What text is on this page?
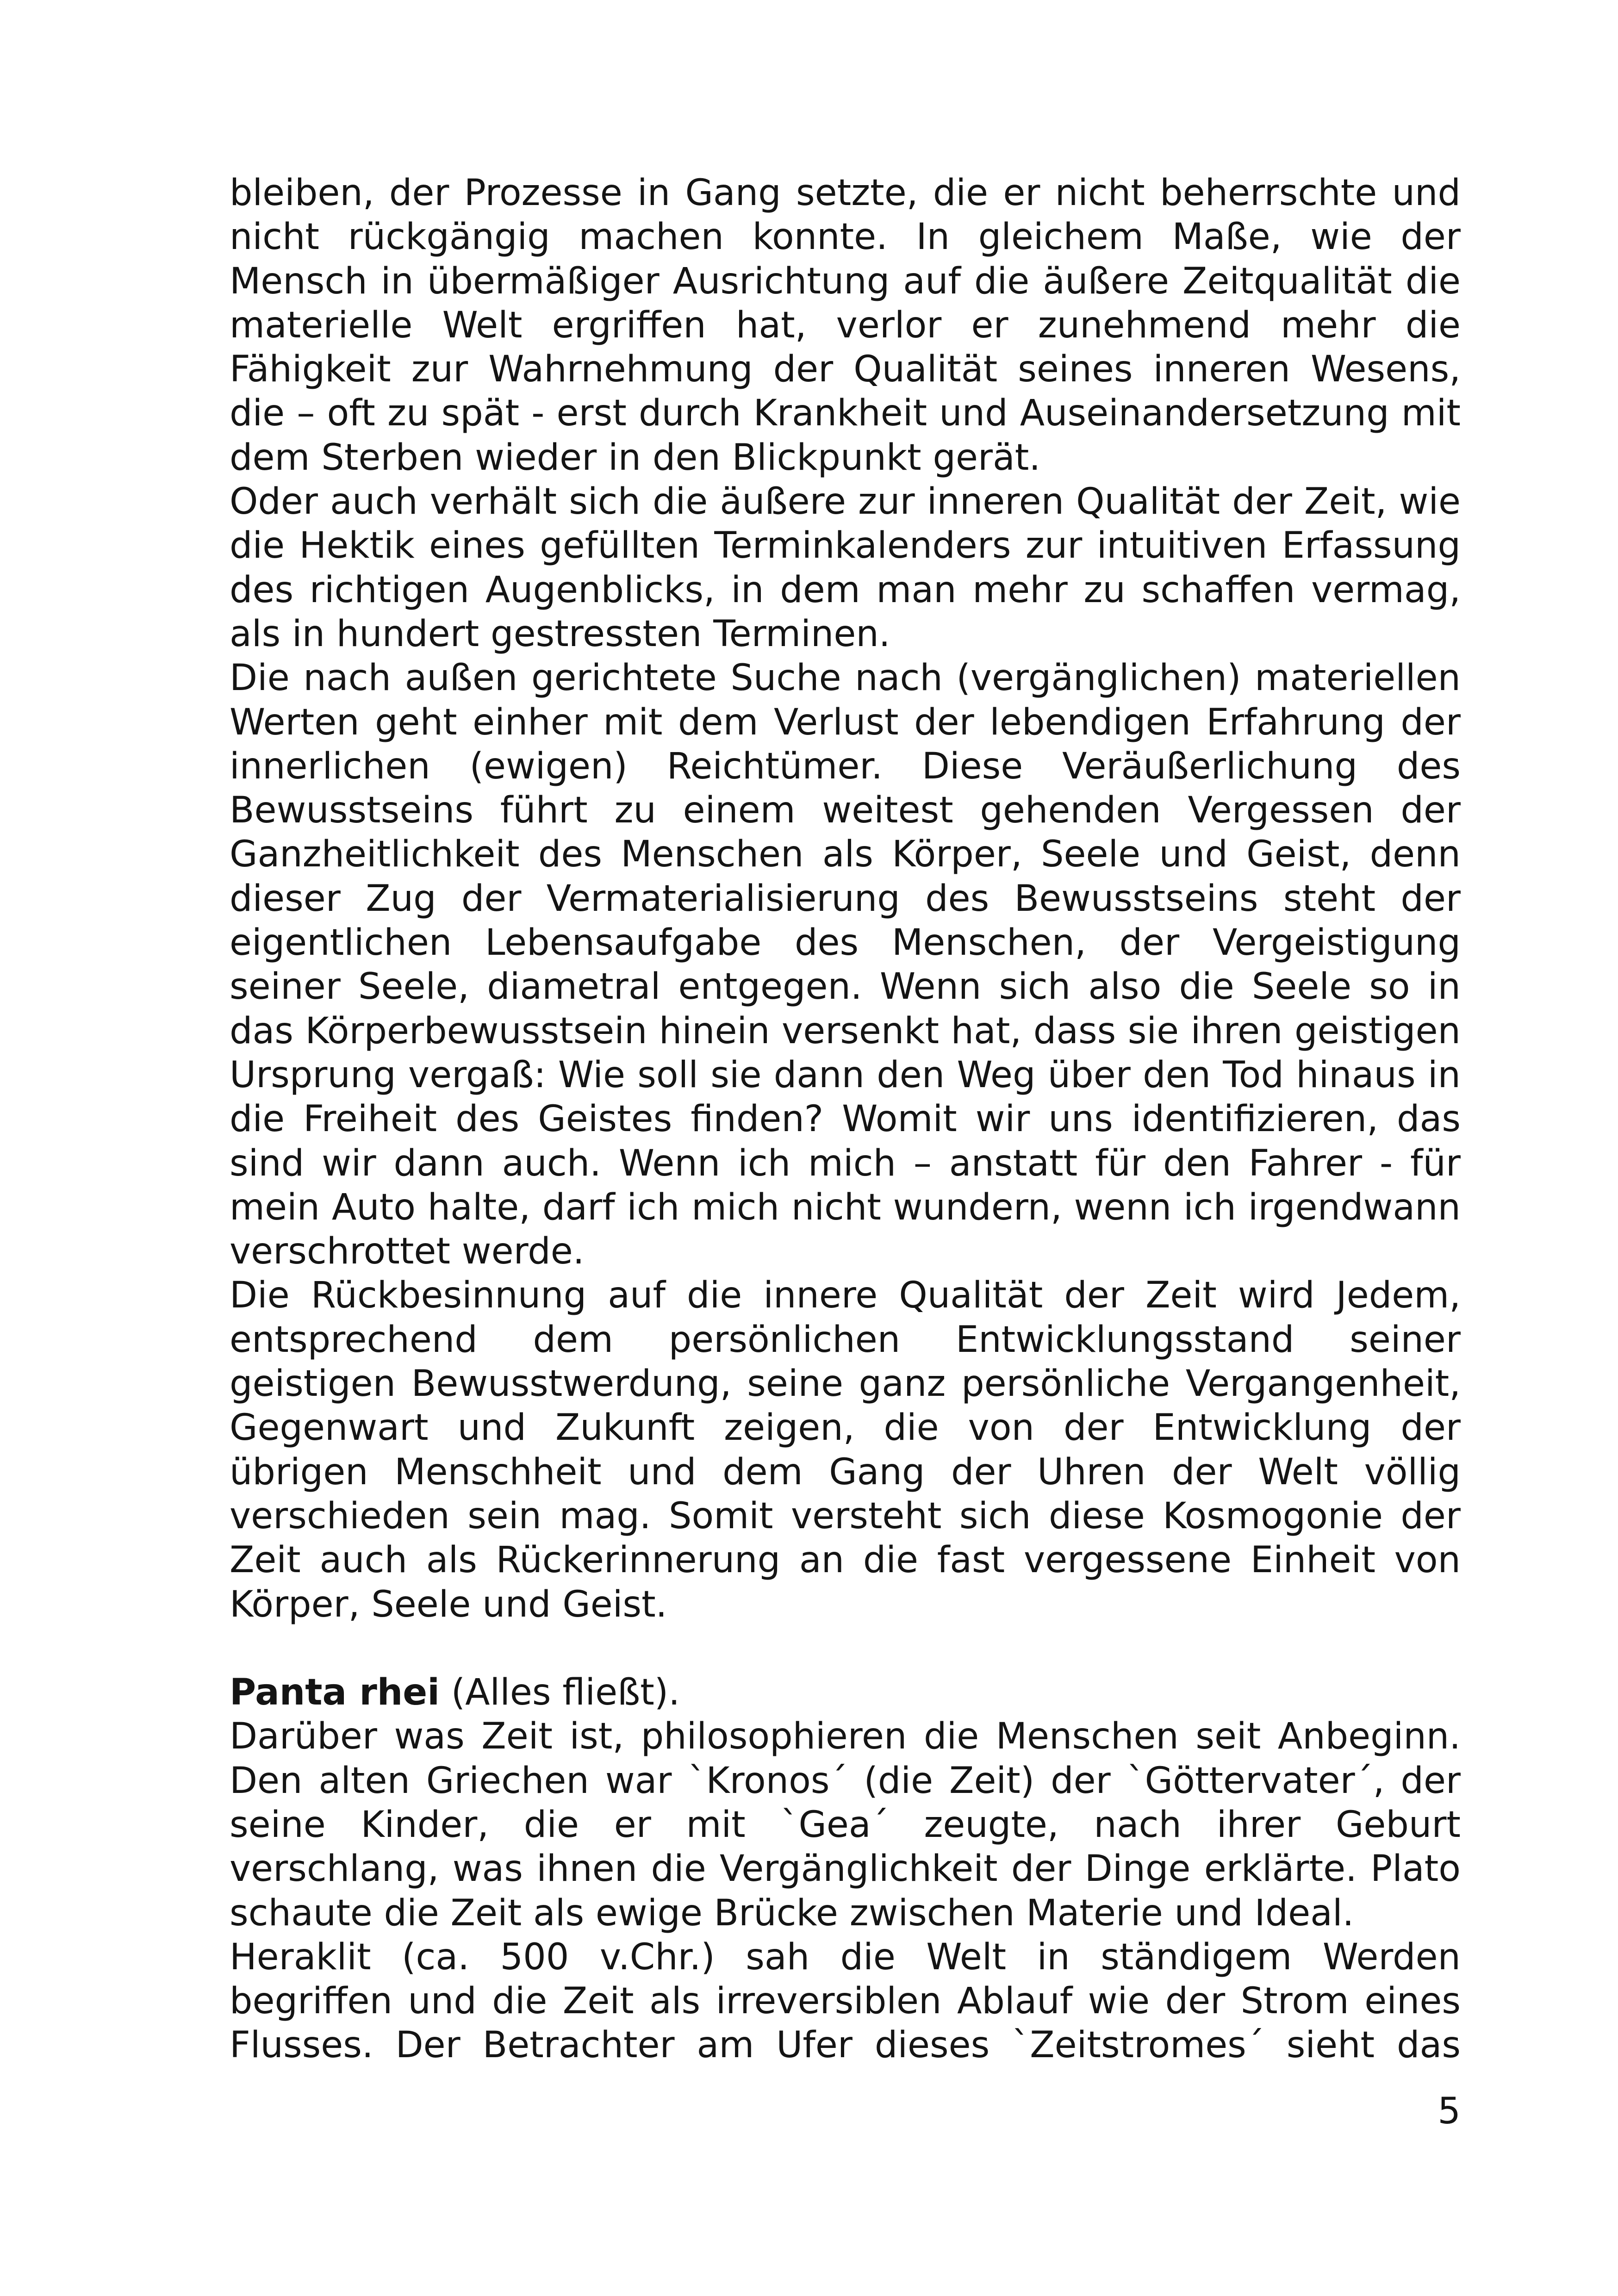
bleiben, der Prozesse in Gang setzte, die er nicht beherrschte und nicht rückgängig machen konnte. In gleichem Maße, wie der Mensch in übermäßiger Ausrichtung auf die äußere Zeitqualität die materielle Welt ergriffen hat, verlor er zunehmend mehr die Fähigkeit zur Wahrnehmung der Qualität seines inneren Wesens, die – oft zu spät - erst durch Krankheit und Auseinandersetzung mit dem Sterben wieder in den Blickpunkt gerät.

Oder auch verhält sich die äußere zur inneren Qualität der Zeit, wie die Hektik eines gefüllten Terminkalenders zur intuitiven Erfassung des richtigen Augenblicks, in dem man mehr zu schaffen vermag, als in hundert gestressten Terminen.

Die nach außen gerichtete Suche nach (vergänglichen) materiellen Werten geht einher mit dem Verlust der lebendigen Erfahrung der innerlichen (ewigen) Reichtümer. Diese Veräußerlichung des Bewusstseins führt zu einem weitest gehenden Vergessen der Ganzheitlichkeit des Menschen als Körper, Seele und Geist, denn dieser Zug der Vermaterialisierung des Bewusstseins steht der eigentlichen Lebensaufgabe des Menschen, der Vergeistigung seiner Seele, diametral entgegen. Wenn sich also die Seele so in das Körperbewusstsein hinein versenkt hat, dass sie ihren geistigen Ursprung vergaß: Wie soll sie dann den Weg über den Tod hinaus in die Freiheit des Geistes finden? Womit wir uns identifizieren, das sind wir dann auch. Wenn ich mich – anstatt für den Fahrer - für mein Auto halte, darf ich mich nicht wundern, wenn ich irgendwann verschrottet werde.

Die Rückbesinnung auf die innere Qualität der Zeit wird Jedem, entsprechend dem persönlichen Entwicklungsstand seiner geistigen Bewusstwerdung, seine ganz persönliche Vergangenheit, Gegenwart und Zukunft zeigen, die von der Entwicklung der übrigen Menschheit und dem Gang der Uhren der Welt völlig verschieden sein mag. Somit versteht sich diese Kosmogonie der Zeit auch als Rückerinnerung an die fast vergessene Einheit von Körper, Seele und Geist.

Panta rhei (Alles fließt).

Darüber was Zeit ist, philosophieren die Menschen seit Anbeginn. Den alten Griechen war `Kronos´ (die Zeit) der `Göttervater´, der seine Kinder, die er mit `Gea´ zeugte, nach ihrer Geburt verschlang, was ihnen die Vergänglichkeit der Dinge erklärte. Plato schaute die Zeit als ewige Brücke zwischen Materie und Ideal.

Heraklit (ca. 500 v.Chr.) sah die Welt in ständigem Werden begriffen und die Zeit als irreversiblen Ablauf wie der Strom eines Flusses. Der Betrachter am Ufer dieses `Zeitstromes´ sieht das

5
